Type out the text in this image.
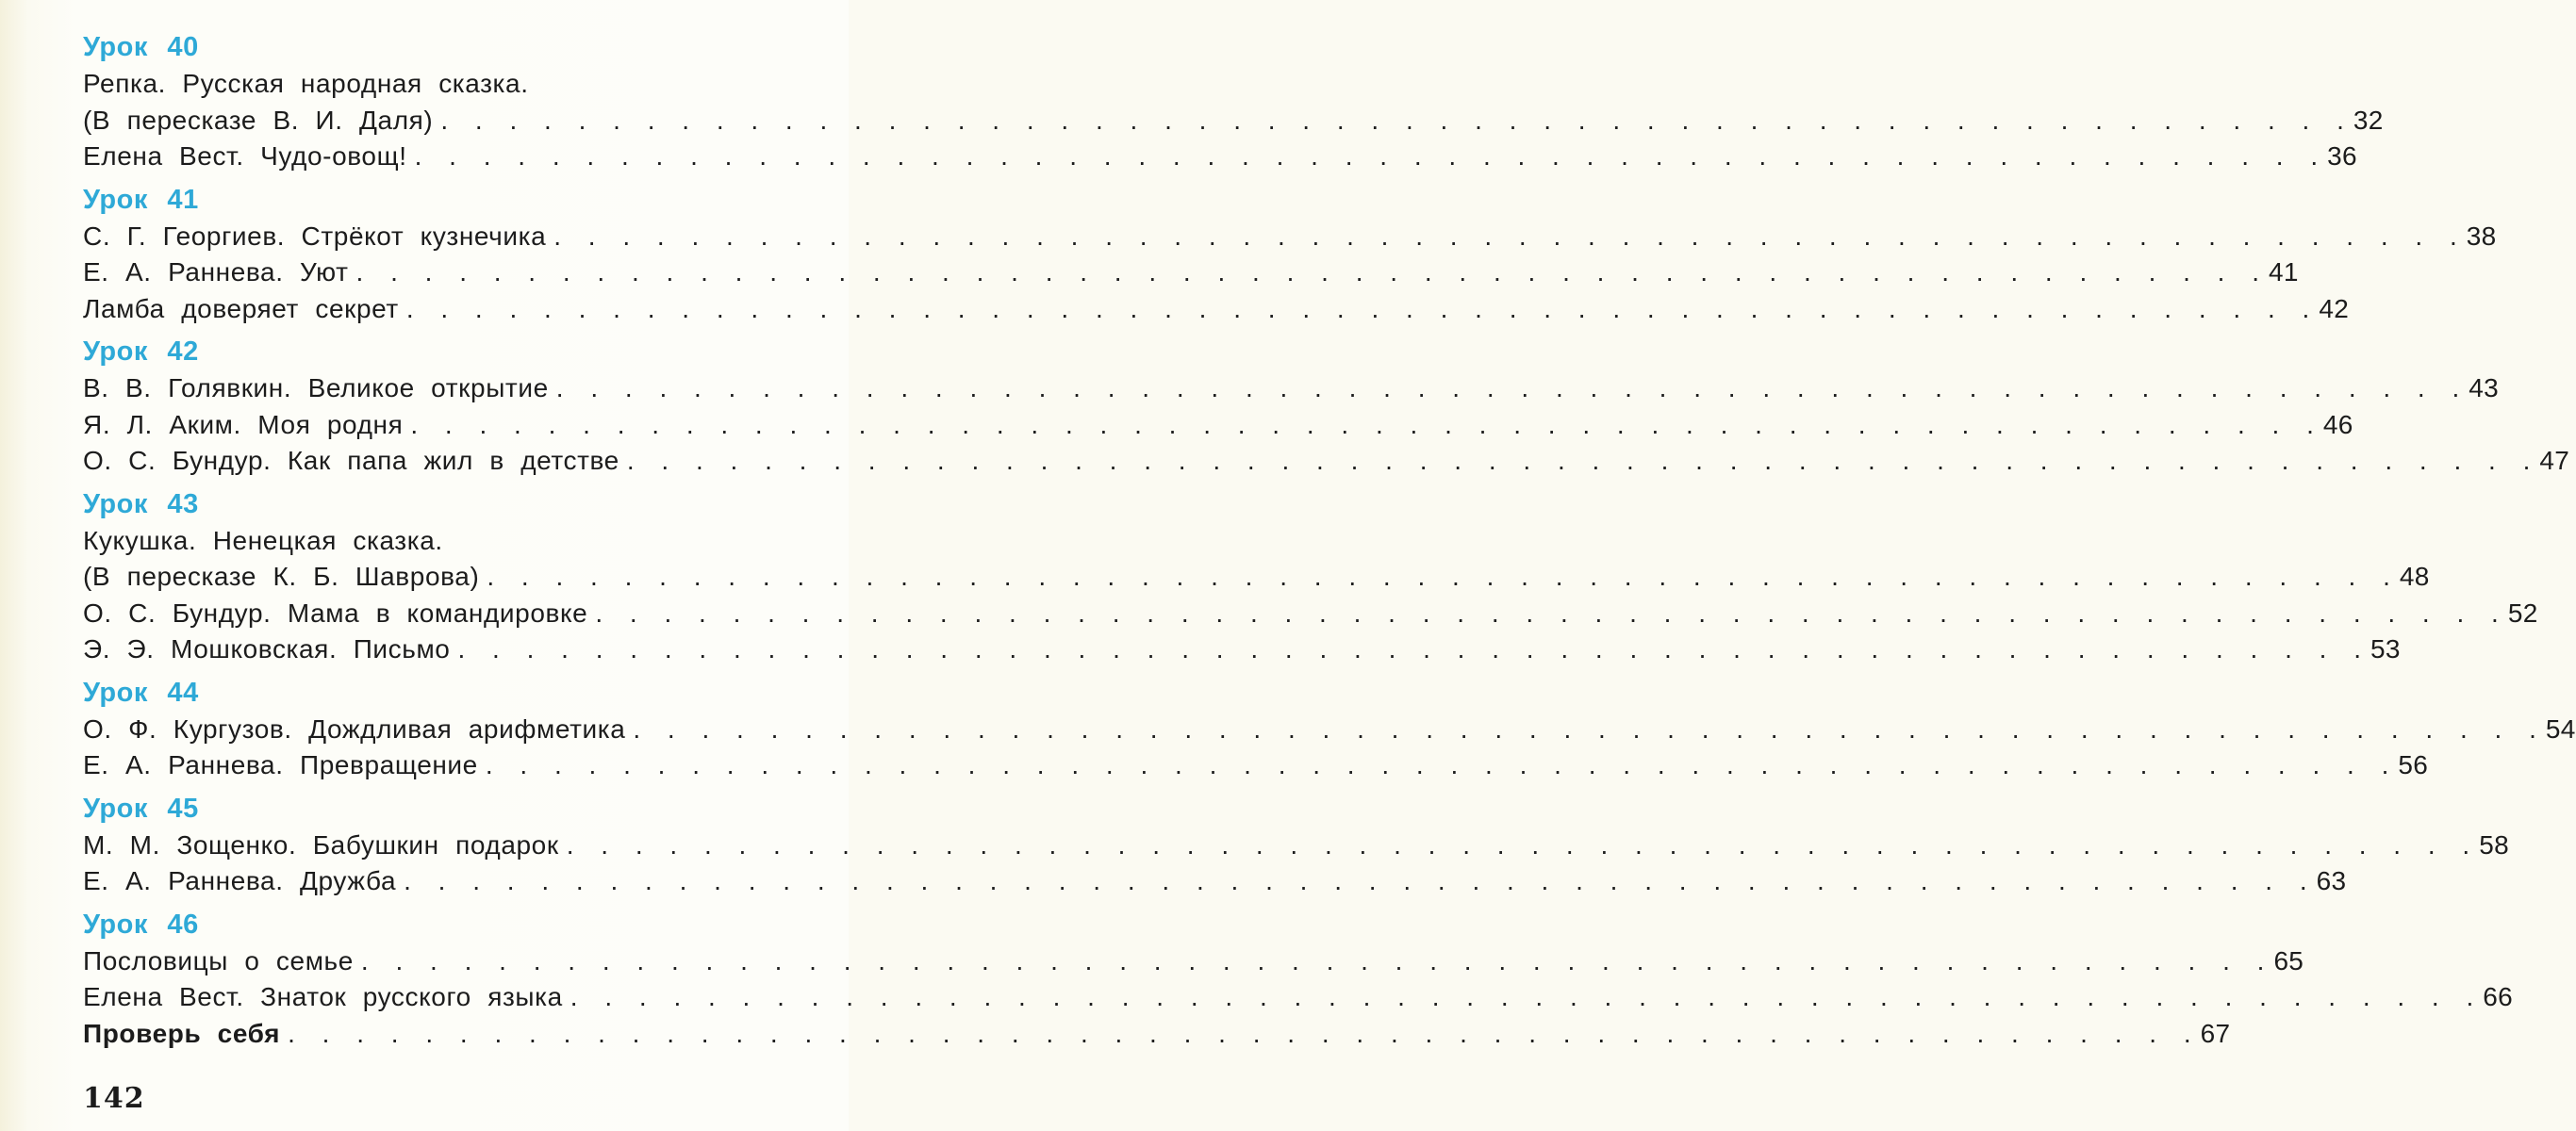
Урок 40
Репка. Русская народная сказка.
(В пересказе В. И. Даля) . . . . . . . . . . . . . . . . . . . . . . . . . . . . . . . . . . . . . . . . . . . . . . . . . . . . . . . . 32
Елена Вест. Чудо-овощ! . . . . . . . . . . . . . . . . . . . . . . . . . . . . . . . . . . . . . . . . . . . . . . . . . . . . . . . . 36
Урок 41
С. Г. Георгиев. Стрёкот кузнечика . . . . . . . . . . . . . . . . . . . . . . . . . . . . . . . . . . . . . . . . . . . . . . . . . . . . . . . . 38
Е. А. Раннева. Уют . . . . . . . . . . . . . . . . . . . . . . . . . . . . . . . . . . . . . . . . . . . . . . . . . . . . . . . . 41
Ламба доверяет секрет . . . . . . . . . . . . . . . . . . . . . . . . . . . . . . . . . . . . . . . . . . . . . . . . . . . . . . . . 42
Урок 42
В. В. Голявкин. Великое открытие . . . . . . . . . . . . . . . . . . . . . . . . . . . . . . . . . . . . . . . . . . . . . . . . . . . . . . . . 43
Я. Л. Аким. Моя родня . . . . . . . . . . . . . . . . . . . . . . . . . . . . . . . . . . . . . . . . . . . . . . . . . . . . . . . . 46
О. С. Бундур. Как папа жил в детстве . . . . . . . . . . . . . . . . . . . . . . . . . . . . . . . . . . . . . . . . . . . . . . . . . . . . . . . . 47
Урок 43
Кукушка. Ненецкая сказка.
(В пересказе К. Б. Шаврова) . . . . . . . . . . . . . . . . . . . . . . . . . . . . . . . . . . . . . . . . . . . . . . . . . . . . . . . . 48
О. С. Бундур. Мама в командировке . . . . . . . . . . . . . . . . . . . . . . . . . . . . . . . . . . . . . . . . . . . . . . . . . . . . . . . . 52
Э. Э. Мошковская. Письмо . . . . . . . . . . . . . . . . . . . . . . . . . . . . . . . . . . . . . . . . . . . . . . . . . . . . . . . . 53
Урок 44
О. Ф. Кургузов. Дождливая арифметика . . . . . . . . . . . . . . . . . . . . . . . . . . . . . . . . . . . . . . . . . . . . . . . . . . . . . . . . 54
Е. А. Раннева. Превращение . . . . . . . . . . . . . . . . . . . . . . . . . . . . . . . . . . . . . . . . . . . . . . . . . . . . . . . . 56
Урок 45
М. М. Зощенко. Бабушкин подарок . . . . . . . . . . . . . . . . . . . . . . . . . . . . . . . . . . . . . . . . . . . . . . . . . . . . . . . . 58
Е. А. Раннева. Дружба . . . . . . . . . . . . . . . . . . . . . . . . . . . . . . . . . . . . . . . . . . . . . . . . . . . . . . . . 63
Урок 46
Пословицы о семье . . . . . . . . . . . . . . . . . . . . . . . . . . . . . . . . . . . . . . . . . . . . . . . . . . . . . . . . 65
Елена Вест. Знаток русского языка . . . . . . . . . . . . . . . . . . . . . . . . . . . . . . . . . . . . . . . . . . . . . . . . . . . . . . . . 66
Проверь себя . . . . . . . . . . . . . . . . . . . . . . . . . . . . . . . . . . . . . . . . . . . . . . . . . . . . . . . . 67
142
